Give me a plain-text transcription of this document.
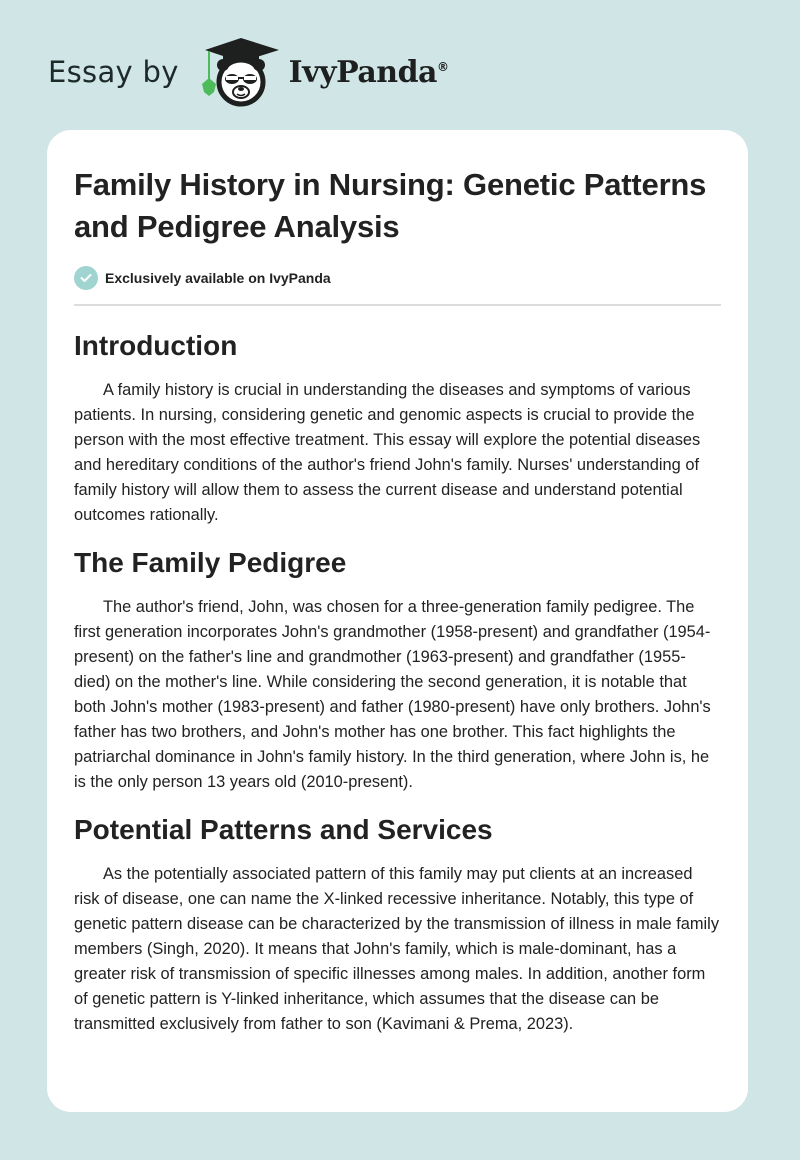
Essay by	IvyPanda®
Family History in Nursing: Genetic Patterns and Pedigree Analysis
Exclusively available on IvyPanda
Introduction

A family history is crucial in understanding the diseases and symptoms of various patients. In nursing, considering genetic and genomic aspects is crucial to provide the person with the most effective treatment. This essay will explore the potential diseases and hereditary conditions of the author's friend John's family. Nurses' understanding of family history will allow them to assess the current disease and understand potential outcomes rationally.

The Family Pedigree

The author's friend, John, was chosen for a three-generation family pedigree. The first generation incorporates John's grandmother (1958-present) and grandfather (1954-present) on the father's line and grandmother (1963-present) and grandfather (1955-died) on the mother's line. While considering the second generation, it is notable that both John's mother (1983-present) and father (1980-present) have only brothers. John's father has two brothers, and John's mother has one brother. This fact highlights the patriarchal dominance in John's family history. In the third generation, where John is, he is the only person 13 years old (2010-present).

Potential Patterns and Services

As the potentially associated pattern of this family may put clients at an increased risk of disease, one can name the X-linked recessive inheritance. Notably, this type of genetic pattern disease can be characterized by the transmission of illness in male family members (Singh, 2020). It means that John's family, which is male-dominant, has a greater risk of transmission of specific illnesses among males. In addition, another form of genetic pattern is Y-linked inheritance, which assumes that the disease can be transmitted exclusively from father to son (Kavimani & Prema, 2023).
